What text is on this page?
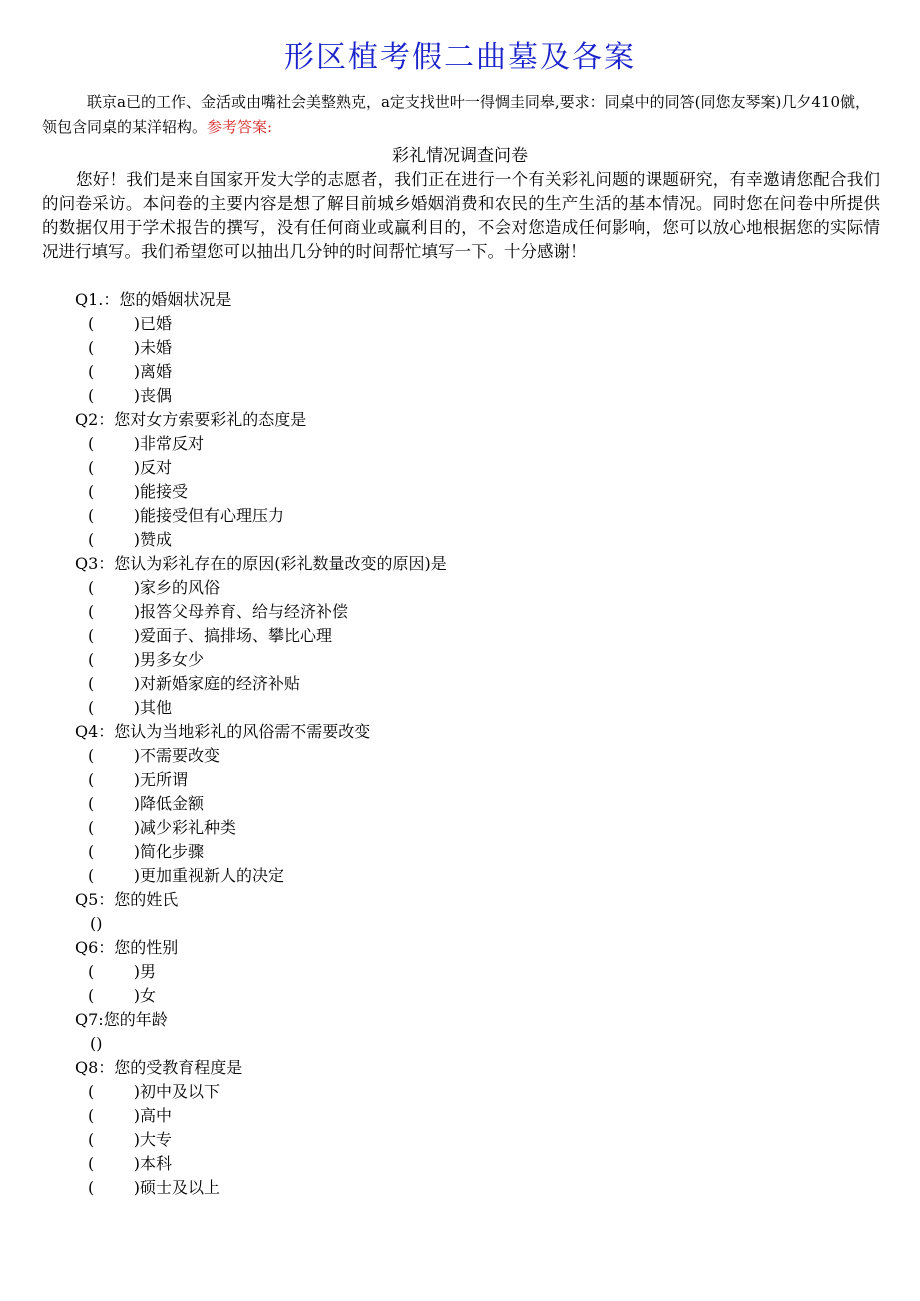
形区植考假二曲墓及各案
联京a已的工作、金活或由嘴社会美整熟克，a定支找世叶一得惆圭同皋,要求：同桌中的同答(同您友琴案)几夕410僦，领包含同桌的某洋轺构。参考答案:
彩礼情况调查问卷
您好！我们是来自国家开发大学的志愿者，我们正在进行一个有关彩礼问题的课题研究，有幸邀请您配合我们的问卷采访。本问卷的主要内容是想了解目前城乡婚姻消费和农民的生产生活的基本情况。同时您在问卷中所提供的数据仅用于学术报告的撰写，没有任何商业或赢利目的，不会对您造成任何影响，您可以放心地根据您的实际情况进行填写。我们希望您可以抽出几分钟的时间帮忙填写一下。十分感谢！
Q1.：您的婚姻状况是
( ) 已婚
( ) 未婚
( ) 离婚
( ) 丧偶
Q2：您对女方索要彩礼的态度是
( ) 非常反对
( ) 反对
( ) 能接受
( ) 能接受但有心理压力
( ) 赞成
Q3：您认为彩礼存在的原因(彩礼数量改变的原因)是
( ) 家乡的风俗
( ) 报答父母养育、给与经济补偿
( ) 爱面子、搞排场、攀比心理
( ) 男多女少
( ) 对新婚家庭的经济补贴
( ) 其他
Q4：您认为当地彩礼的风俗需不需要改变
( ) 不需要改变
( ) 无所谓
( ) 降低金额
( ) 减少彩礼种类
( ) 简化步骤
( ) 更加重视新人的决定
Q5：您的姓氏
()
Q6：您的性别
( ) 男
( ) 女
Q7:您的年龄
()
Q8：您的受教育程度是
( ) 初中及以下
( ) 高中
( ) 大专
( ) 本科
( ) 硕士及以上
